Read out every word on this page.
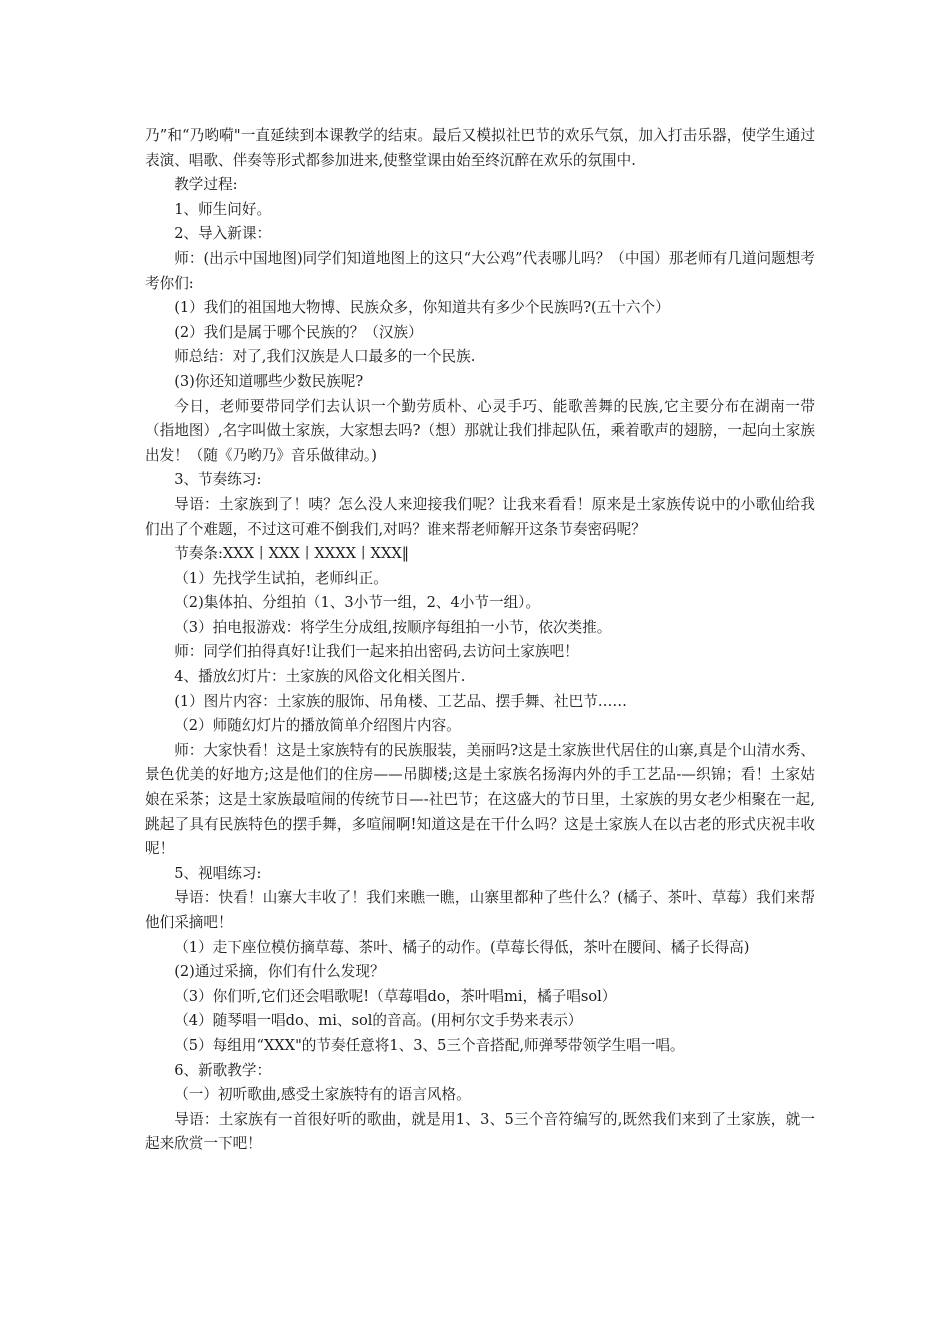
乃”和“乃哟嗬"一直延续到本课教学的结束。最后又模拟社巴节的欢乐气氛，加入打击乐器，使学生通过表演、唱歌、伴奏等形式都参加进来,使整堂课由始至终沉醉在欢乐的氛围中.

教学过程:

1、师生问好。

2、导入新课：

师：(出示中国地图)同学们知道地图上的这只“大公鸡”代表哪儿吗？（中国）那老师有几道问题想考考你们:

(1）我们的祖国地大物博、民族众多，你知道共有多少个民族吗?(五十六个）

(2）我们是属于哪个民族的？（汉族）

师总结：对了,我们汉族是人口最多的一个民族.

(3)你还知道哪些少数民族呢?

今日，老师要带同学们去认识一个勤劳质朴、心灵手巧、能歌善舞的民族,它主要分布在湖南一带（指地图）,名字叫做土家族，大家想去吗?（想）那就让我们排起队伍，乘着歌声的翅膀，一起向土家族出发！（随《乃哟乃》音乐做律动。)

3、节奏练习:

导语：土家族到了！咦？怎么没人来迎接我们呢？让我来看看！原来是土家族传说中的小歌仙给我们出了个难题，不过这可难不倒我们,对吗？谁来帮老师解开这条节奏密码呢？

节奏条:XXX丨XXX丨XXXX丨XXX‖

（1）先找学生试拍，老师纠正。

（2)集体拍、分组拍（1、3小节一组，2、4小节一组）。

（3）拍电报游戏：将学生分成组,按顺序每组拍一小节，依次类推。

师：同学们拍得真好!让我们一起来拍出密码,去访问土家族吧！

4、播放幻灯片：土家族的风俗文化相关图片.

(1）图片内容：土家族的服饰、吊角楼、工艺品、摆手舞、社巴节……

（2）师随幻灯片的播放简单介绍图片内容。

师：大家快看！这是土家族特有的民族服装，美丽吗?这是土家族世代居住的山寨,真是个山清水秀、景色优美的好地方;这是他们的住房——吊脚楼;这是土家族名扬海内外的手工艺品-—织锦；看！土家姑娘在采茶；这是土家族最喧闹的传统节日—-社巴节；在这盛大的节日里，土家族的男女老少相聚在一起,跳起了具有民族特色的摆手舞，多喧闹啊!知道这是在干什么吗？这是土家族人在以古老的形式庆祝丰收呢！

5、视唱练习:

导语：快看！山寨大丰收了！我们来瞧一瞧，山寨里都种了些什么？(橘子、茶叶、草莓）我们来帮他们采摘吧！

（1）走下座位模仿摘草莓、茶叶、橘子的动作。(草莓长得低，茶叶在腰间、橘子长得高)

(2)通过采摘，你们有什么发现？

（3）你们听,它们还会唱歌呢!（草莓唱do，茶叶唱mi，橘子唱sol）

（4）随琴唱一唱do、mi、sol的音高。(用柯尔文手势来表示）

（5）每组用“XXX"的节奏任意将1、3、5三个音搭配,师弹琴带领学生唱一唱。

6、新歌教学：

（一）初听歌曲,感受土家族特有的语言风格。

导语：土家族有一首很好听的歌曲，就是用1、3、5三个音符编写的,既然我们来到了土家族，就一起来欣赏一下吧！
